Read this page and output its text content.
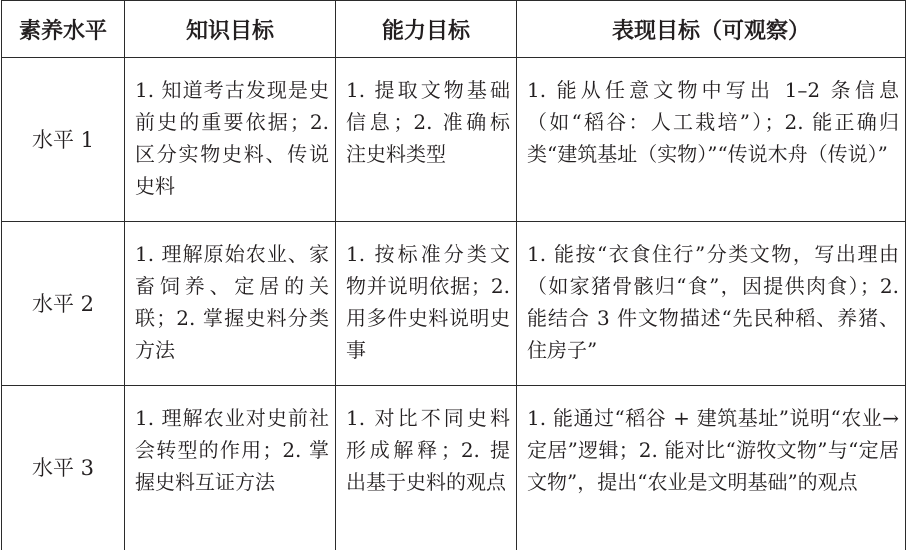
素养水平	知识目标	能力目标	表现目标（可观察）
水平 1	1. 知道考古发现是史前史的重要依据；2. 区分实物史料、传说史料	1. 提取文物基础信息；2. 准确标注史料类型	1. 能从任意文物中写出 1–2 条信息（如“稻谷：人工栽培”）；2. 能正确归类“建筑基址（实物）”“传说木舟（传说）”
水平 2	1. 理解原始农业、家畜饲养、定居的关联；2. 掌握史料分类方法	1. 按标准分类文物并说明依据；2. 用多件史料说明史事	1. 能按“衣食住行”分类文物，写出理由（如家猪骨骸归“食”，因提供肉食）；2. 能结合 3 件文物描述“先民种稻、养猪、住房子”
水平 3	1. 理解农业对史前社会转型的作用；2. 掌握史料互证方法	1. 对比不同史料形成解释；2. 提出基于史料的观点	1. 能通过“稻谷 + 建筑基址”说明“农业→定居”逻辑；2. 能对比“游牧文物”与“定居文物”，提出“农业是文明基础”的观点
